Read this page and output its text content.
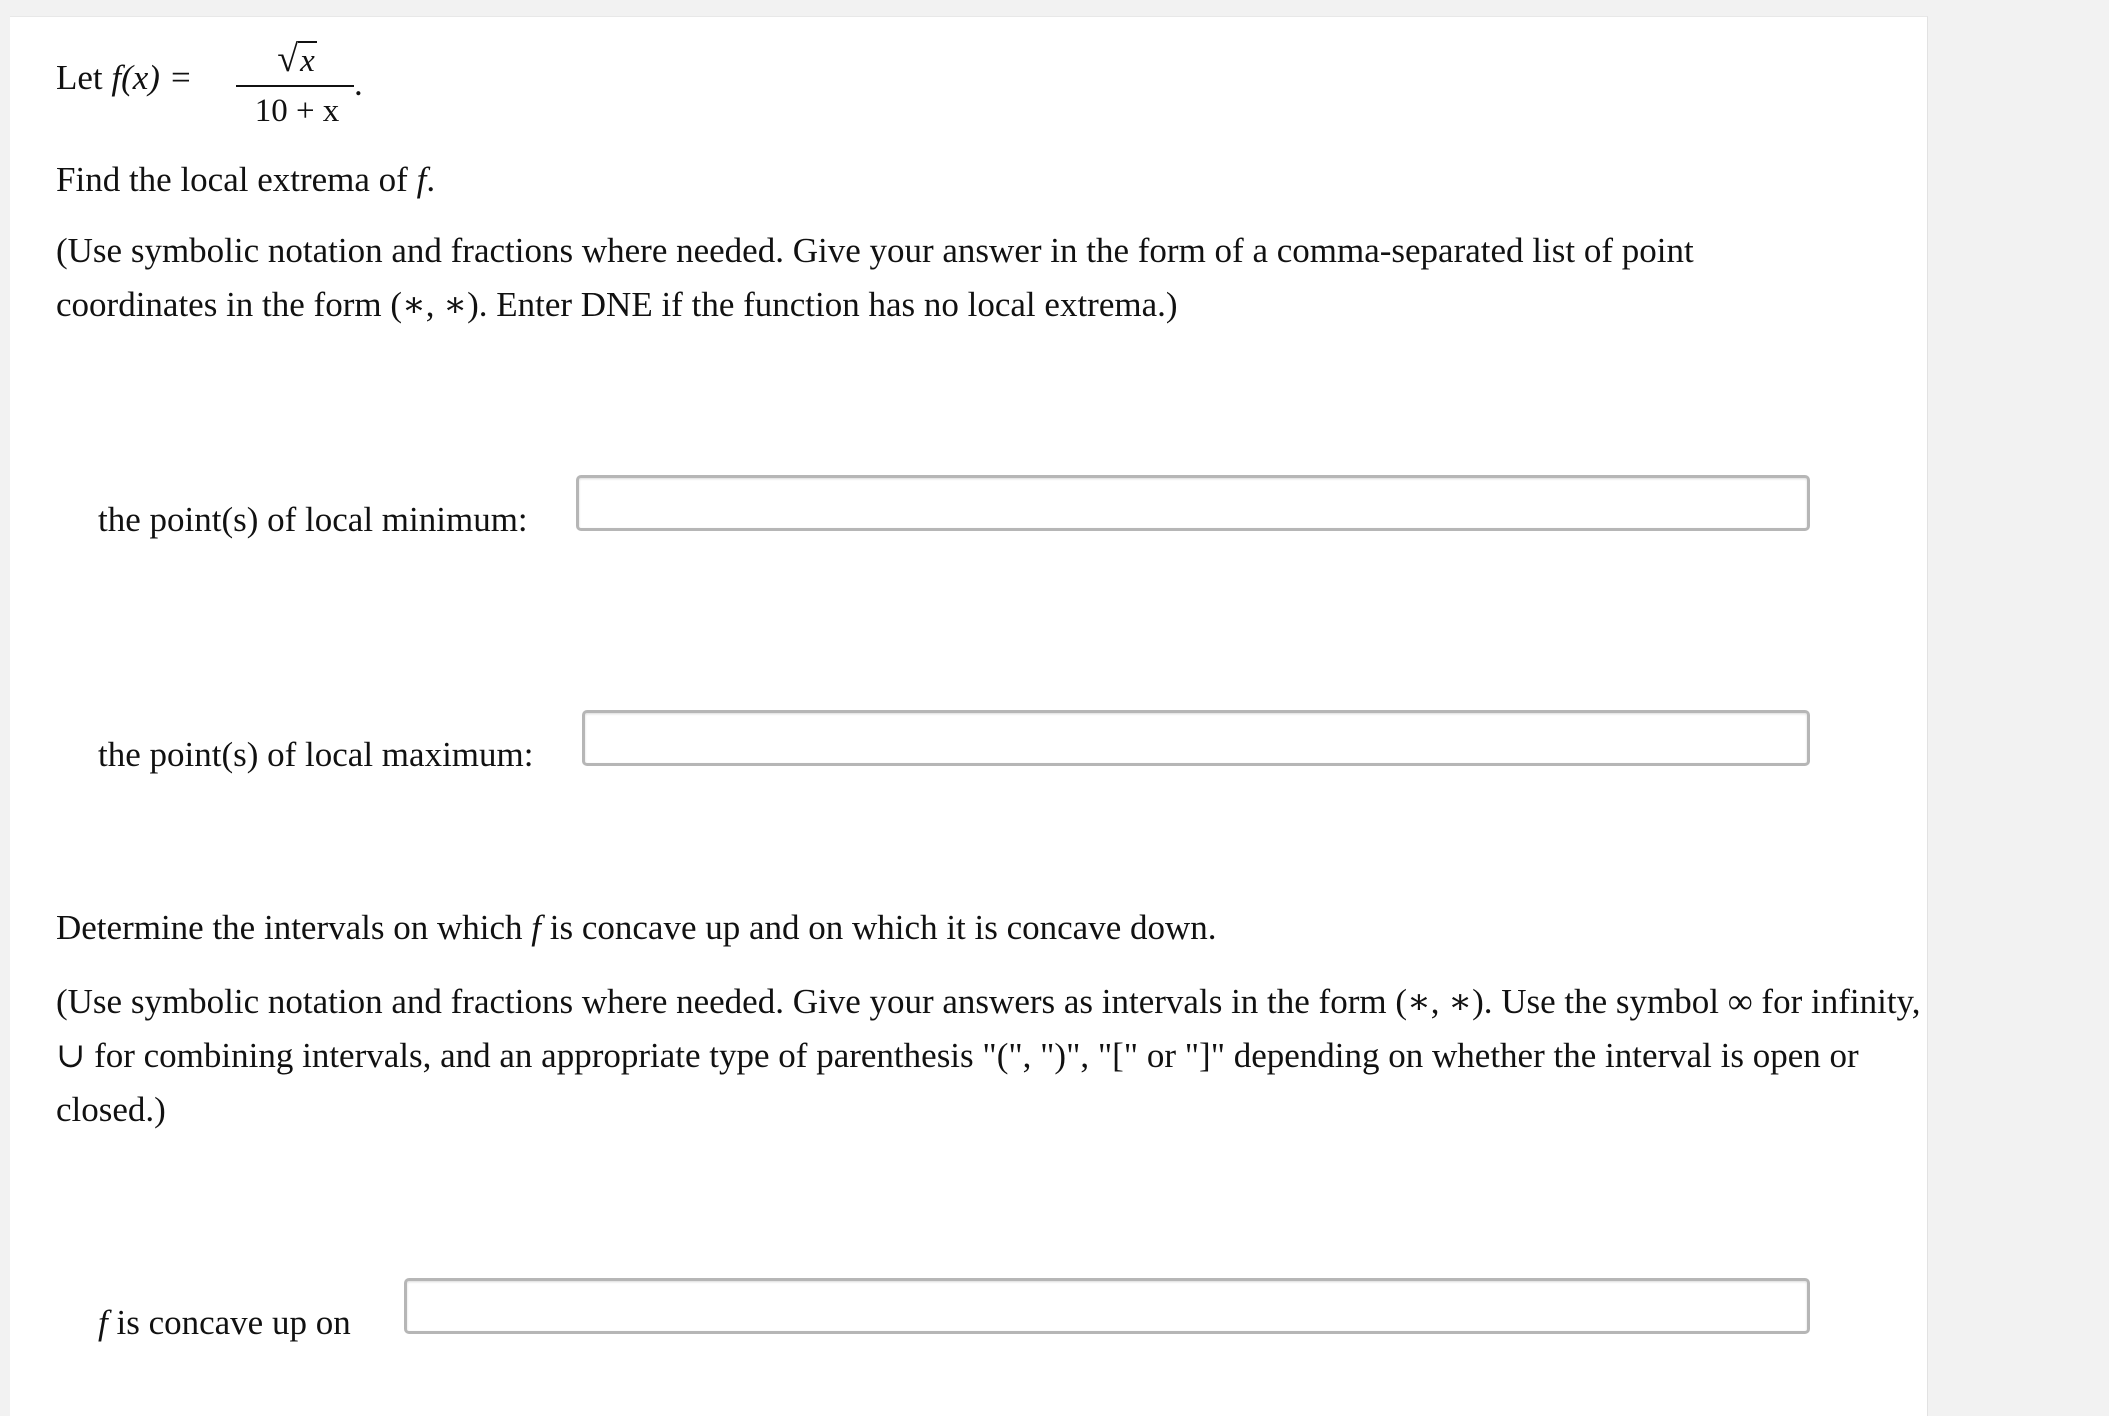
Let f(x) =	√x
10 + x
.
Find the local extrema of f.
(Use symbolic notation and fractions where needed. Give your answer in the form of a comma-separated list of point coordinates in the form (∗, ∗). Enter DNE if the function has no local extrema.)
the point(s) of local minimum:
the point(s) of local maximum:
Determine the intervals on which f is concave up and on which it is concave down.
(Use symbolic notation and fractions where needed. Give your answers as intervals in the form (∗, ∗). Use the symbol ∞ for infinity, ∪ for combining intervals, and an appropriate type of parenthesis "(", ")", "[" or "]" depending on whether the interval is open or closed.)
f is concave up on
